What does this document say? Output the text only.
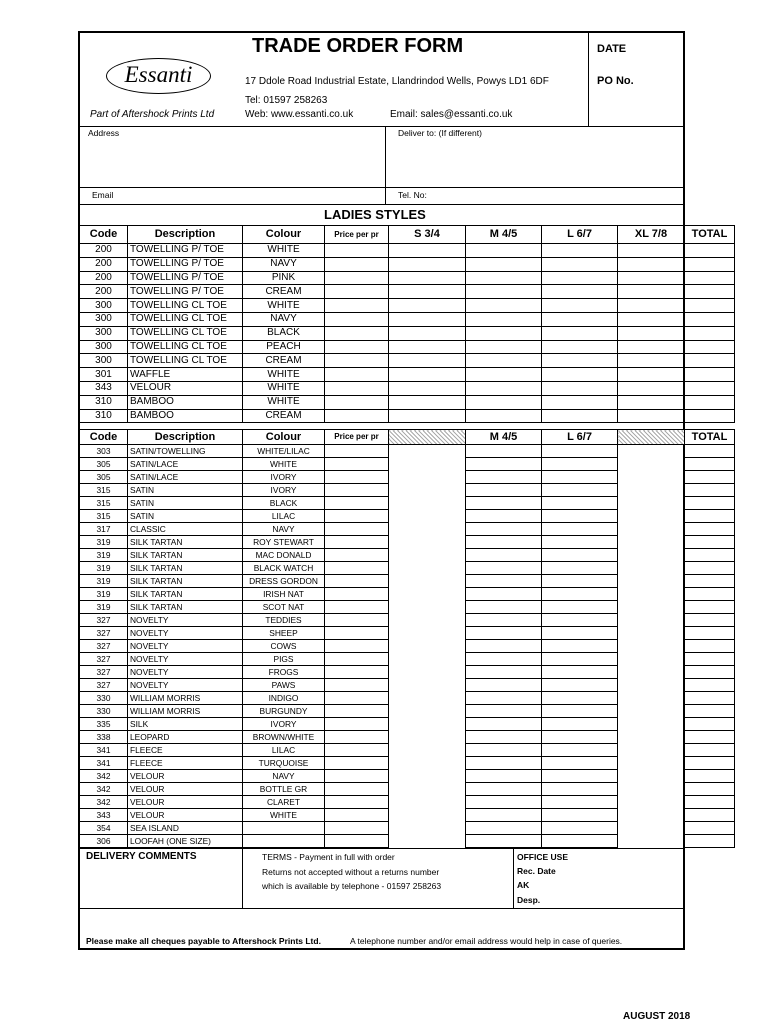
TRADE ORDER FORM
Essanti
Part of Aftershock Prints Ltd
17 Ddole Road Industrial Estate, Llandrindod Wells, Powys LD1 6DF
Tel: 01597 258263
Web: www.essanti.co.uk	Email: sales@essanti.co.uk
DATE
PO No.
Address	Deliver to: (If different)
Email	Tel. No:
LADIES STYLES
Code	Description	Colour	Price per pr	S 3/4	M 4/5	L 6/7	XL 7/8	TOTAL
200	TOWELLING P/ TOE	WHITE						
200	TOWELLING P/ TOE	NAVY						
200	TOWELLING P/ TOE	PINK						
200	TOWELLING P/ TOE	CREAM						
300	TOWELLING CL TOE	WHITE						
300	TOWELLING CL TOE	NAVY						
300	TOWELLING CL TOE	BLACK						
300	TOWELLING CL TOE	PEACH						
300	TOWELLING CL TOE	CREAM						
301	WAFFLE	WHITE						
343	VELOUR	WHITE						
310	BAMBOO	WHITE						
310	BAMBOO	CREAM						
Code	Description	Colour	Price per pr		M 4/5	L 6/7		TOTAL
303	SATIN/TOWELLING	WHITE/LILAC						
305	SATIN/LACE	WHITE						
305	SATIN/LACE	IVORY						
315	SATIN	IVORY						
315	SATIN	BLACK						
315	SATIN	LILAC						
317	CLASSIC	NAVY						
319	SILK TARTAN	ROY STEWART						
319	SILK TARTAN	MAC DONALD						
319	SILK TARTAN	BLACK WATCH						
319	SILK TARTAN	DRESS GORDON						
319	SILK TARTAN	IRISH NAT						
319	SILK TARTAN	SCOT NAT						
327	NOVELTY	TEDDIES						
327	NOVELTY	SHEEP						
327	NOVELTY	COWS						
327	NOVELTY	PIGS						
327	NOVELTY	FROGS						
327	NOVELTY	PAWS						
330	WILLIAM MORRIS	INDIGO						
330	WILLIAM MORRIS	BURGUNDY						
335	SILK	IVORY						
338	LEOPARD	BROWN/WHITE						
341	FLEECE	LILAC						
341	FLEECE	TURQUOISE						
342	VELOUR	NAVY						
342	VELOUR	BOTTLE GR						
342	VELOUR	CLARET						
343	VELOUR	WHITE						
354	SEA ISLAND							
306	LOOFAH (ONE SIZE)							
DELIVERY COMMENTS	TERMS - Payment in full with order
Returns not accepted without a returns number
which is available by telephone - 01597 258263
OFFICE USE
Rec. Date
AK
Desp.
Please make all cheques payable to Aftershock Prints Ltd.	A telephone number and/or email address would help in case of queries.
AUGUST 2018
